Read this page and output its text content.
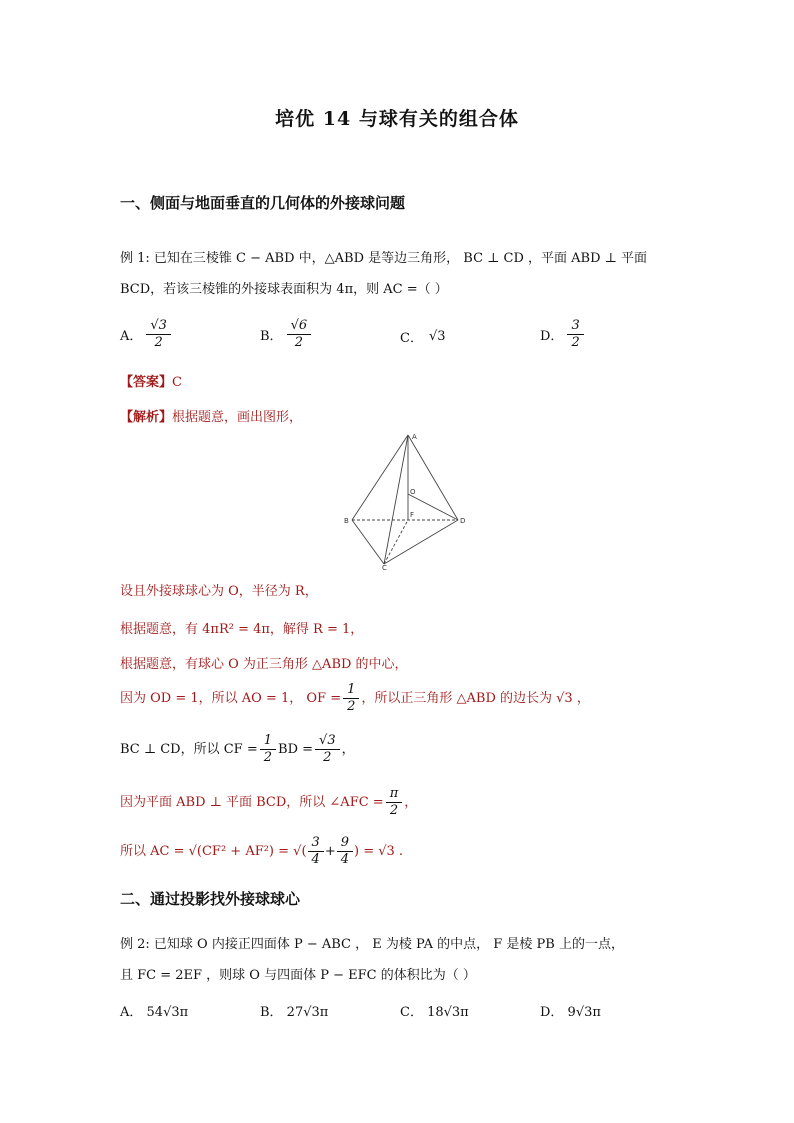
培优 14 与球有关的组合体
一、侧面与地面垂直的几何体的外接球问题
例 1: 已知在三棱锥 C − ABD 中，△ABD 是等边三角形， BC ⊥ CD ，平面 ABD ⊥ 平面
BCD，若该三棱锥的外接球表面积为 4π，则 AC =（ ）
A． $\frac{√3}{2}$	B． $\frac{√6}{2}$	C． √3	D． $\frac{3}{2}$
【答案】C
【解析】根据题意，画出图形，
A
B
C
D
O
F
设且外接球球心为 O，半径为 R，
根据题意，有 4πR² = 4π，解得 R = 1，
根据题意，有球心 O 为正三角形 △ABD 的中心，
因为 OD = 1，所以 AO = 1， OF = $\frac{1}{2}$ ，所以正三角形 △ABD 的边长为 √3 ，
BC ⊥ CD，所以 CF = $\frac{1}{2}$ BD = $\frac{√3}{2}$ ，
因为平面 ABD ⊥ 平面 BCD，所以 ∠AFC = $\frac{\pi}{2}$ ，
所以 AC = √(CF² + AF²) = √( $\frac{3}{4} + \frac{9}{4}$ ) = √3 .
二、通过投影找外接球球心
例 2: 已知球 O 内接正四面体 P − ABC ， E 为棱 PA 的中点， F 是棱 PB 上的一点，
且 FC = 2EF ，则球 O 与四面体 P − EFC 的体积比为（ ）
A． 54√3π	B． 27√3π	C． 18√3π	D． 9√3π
